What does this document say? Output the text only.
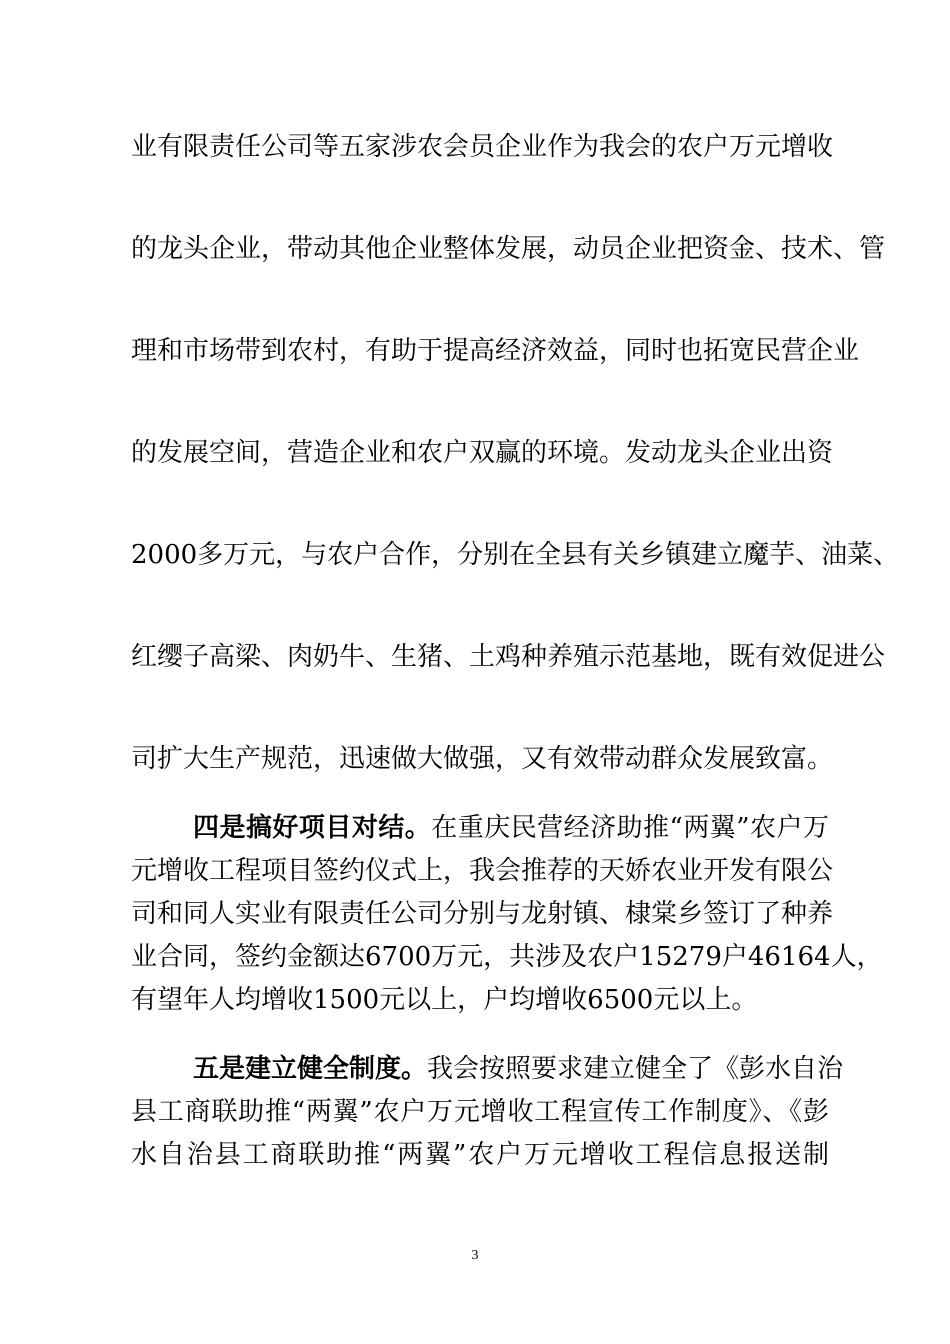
业有限责任公司等五家涉农会员企业作为我会的农户万元增收
的龙头企业，带动其他企业整体发展，动员企业把资金、技术、管
理和市场带到农村，有助于提高经济效益，同时也拓宽民营企业
的发展空间，营造企业和农户双赢的环境。发动龙头企业出资
2000多万元，与农户合作，分别在全县有关乡镇建立魔芋、油菜、
红缨子高梁、肉奶牛、生猪、土鸡种养殖示范基地，既有效促进公
司扩大生产规范，迅速做大做强，又有效带动群众发展致富。
四是搞好项目对结。在重庆民营经济助推“两翼”农户万
元增收工程项目签约仪式上，我会推荐的天娇农业开发有限公
司和同人实业有限责任公司分别与龙射镇、棣棠乡签订了种养
业合同，签约金额达6700万元，共涉及农户15279户46164人，
有望年人均增收1500元以上，户均增收6500元以上。
五是建立健全制度。我会按照要求建立健全了《彭水自治
县工商联助推“两翼”农户万元增收工程宣传工作制度》、《彭
水自治县工商联助推“两翼”农户万元增收工程信息报送制
3
